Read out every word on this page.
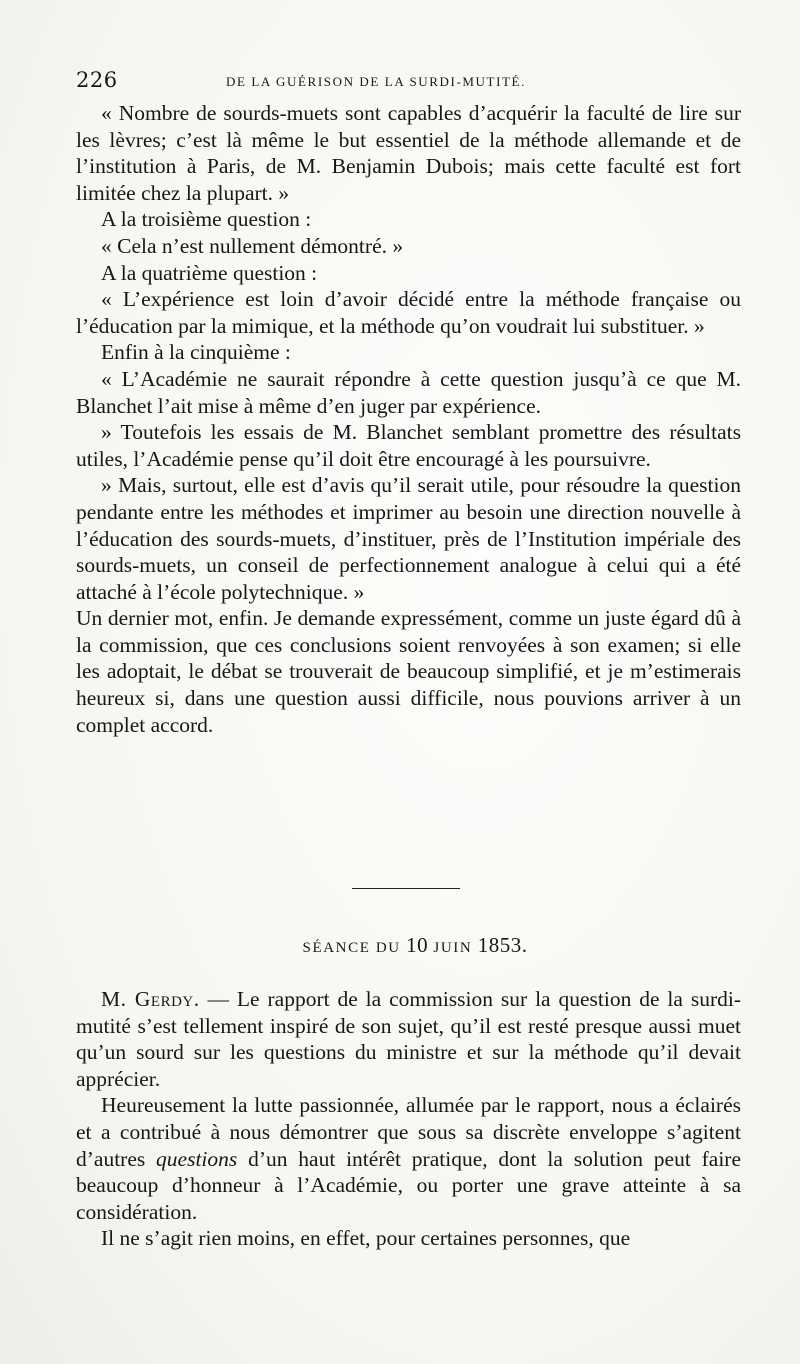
226	DE LA GUÉRISON DE LA SURDI-MUTITÉ.

« Nombre de sourds-muets sont capables d’acquérir la faculté de lire sur les lèvres; c’est là même le but essentiel de la méthode allemande et de l’institution à Paris, de M. Benjamin Dubois; mais cette faculté est fort limitée chez la plupart. »

A la troisième question :

« Cela n’est nullement démontré. »

A la quatrième question :

« L’expérience est loin d’avoir décidé entre la méthode française ou l’éducation par la mimique, et la méthode qu’on voudrait lui substituer. »

Enfin à la cinquième :

« L’Académie ne saurait répondre à cette question jusqu’à ce que M. Blanchet l’ait mise à même d’en juger par expérience.

» Toutefois les essais de M. Blanchet semblant promettre des résultats utiles, l’Académie pense qu’il doit être encouragé à les poursuivre.

» Mais, surtout, elle est d’avis qu’il serait utile, pour résoudre la question pendante entre les méthodes et imprimer au besoin une direction nouvelle à l’éducation des sourds-muets, d’instituer, près de l’Institution impériale des sourds-muets, un conseil de perfectionnement analogue à celui qui a été attaché à l’école polytechnique. »

Un dernier mot, enfin. Je demande expressément, comme un juste égard dû à la commission, que ces conclusions soient renvoyées à son examen; si elle les adoptait, le débat se trouverait de beaucoup simplifié, et je m’estimerais heureux si, dans une question aussi difficile, nous pouvions arriver à un complet accord.

SÉANCE DU 10 JUIN 1853.

M. Gerdy. — Le rapport de la commission sur la question de la surdi-mutité s’est tellement inspiré de son sujet, qu’il est resté presque aussi muet qu’un sourd sur les questions du ministre et sur la méthode qu’il devait apprécier.

Heureusement la lutte passionnée, allumée par le rapport, nous a éclairés et a contribué à nous démontrer que sous sa discrète enveloppe s’agitent d’autres questions d’un haut intérêt pratique, dont la solution peut faire beaucoup d’honneur à l’Académie, ou porter une grave atteinte à sa considération.

Il ne s’agit rien moins, en effet, pour certaines personnes, que
